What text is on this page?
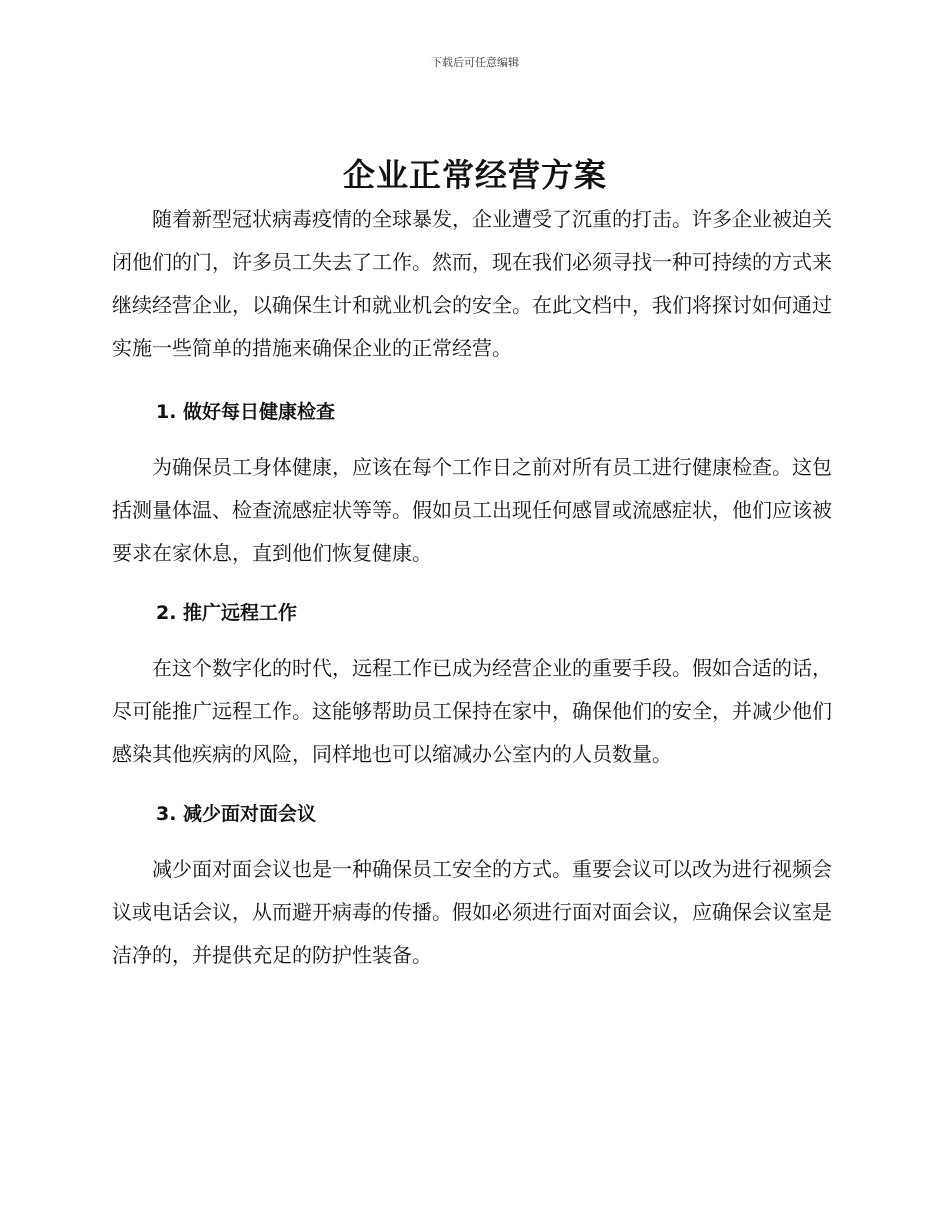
下载后可任意编辑
企业正常经营方案

随着新型冠状病毒疫情的全球暴发，企业遭受了沉重的打击。许多企业被迫关闭他们的门，许多员工失去了工作。然而，现在我们必须寻找一种可持续的方式来继续经营企业，以确保生计和就业机会的安全。在此文档中，我们将探讨如何通过实施一些简单的措施来确保企业的正常经营。

1. 做好每日健康检查

为确保员工身体健康，应该在每个工作日之前对所有员工进行健康检查。这包括测量体温、检查流感症状等等。假如员工出现任何感冒或流感症状，他们应该被要求在家休息，直到他们恢复健康。

2. 推广远程工作

在这个数字化的时代，远程工作已成为经营企业的重要手段。假如合适的话，尽可能推广远程工作。这能够帮助员工保持在家中，确保他们的安全，并减少他们感染其他疾病的风险，同样地也可以缩减办公室内的人员数量。

3. 减少面对面会议

减少面对面会议也是一种确保员工安全的方式。重要会议可以改为进行视频会议或电话会议，从而避开病毒的传播。假如必须进行面对面会议，应确保会议室是洁净的，并提供充足的防护性装备。
